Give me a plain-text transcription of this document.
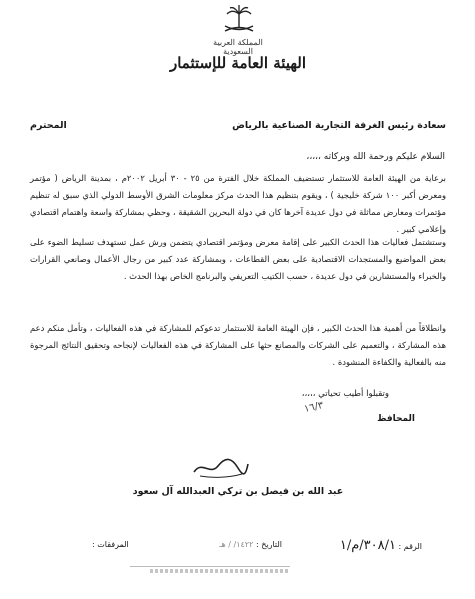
المملكة العربية السعودية
الهيئة العامة للإستثمار
سعادة رئيس الغرفة التجارية الصناعية بالرياض
المحترم
السلام عليكم ورحمة الله وبركاته ،،،،،
برعاية من الهيئة العامة للاستثمار تستضيف المملكة خلال الفترة من ٢٥ - ٣٠ أبريل ٢٠٠٢م ، بمدينة الرياض ( مؤتمر ومعرض أكبر ١٠٠ شركة خليجية ) ، ويقوم بتنظيم هذا الحدث مركز معلومات الشرق الأوسط الدولي الذي سبق له تنظيم مؤتمرات ومعارض مماثلة في دول عديدة آخرها كان في دولة البحرين الشقيقة ، وحظي بمشاركة واسعة واهتمام اقتصادي وإعلامي كبير .
وستشتمل فعاليات هذا الحدث الكبير على إقامة معرض ومؤتمر اقتصادي يتضمن ورش عمل تستهدف تسليط الضوء على بعض المواضيع والمستجدات الاقتصادية على بعض القطاعات ، وبمشاركة عدد كبير من رجال الأعمال وصانعي القرارات والخبراء والمستشارين في دول عديدة ، حسب الكتيب التعريفي والبرنامج الخاص بهذا الحدث .
وانطلاقاً من أهمية هذا الحدث الكبير ، فإن الهيئة العامة للاستثمار تدعوكم للمشاركة في هذه الفعاليات ، وتأمل منكم دعم هذه المشاركة ، والتعميم على الشركات والمصانع حثها على المشاركة في هذه الفعاليات لإنجاحه وتحقيق النتائج المرجوة منه بالفعالية والكفاءة المنشودة .
وتقبلوا أطيب تحياتي ،،،،،
١٦/٣
المحافظ
عبد الله بن فيصل بن تركي العبدالله آل سعود
الرقم : ٣٠٨/١/م/١
التاريخ : ١٤٢٢/ / هـ
المرفقات :
